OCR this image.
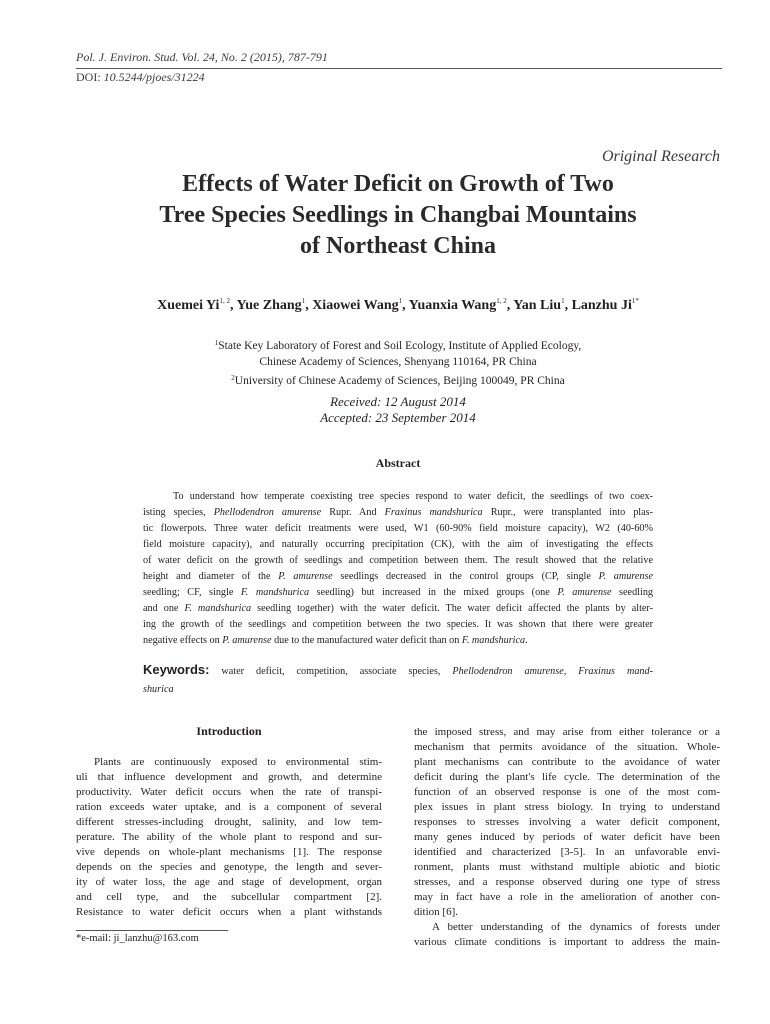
Pol. J. Environ. Stud. Vol. 24, No. 2 (2015), 787-791
DOI: 10.5244/pjoes/31224
Original Research
Effects of Water Deficit on Growth of Two
Tree Species Seedlings in Changbai Mountains
of Northeast China
Xuemei Yi$^{1, 2}$, Yue Zhang$^1$, Xiaowei Wang$^1$, Yuanxia Wang$^{1, 2}$, Yan Liu$^1$, Lanzhu $Ji^{1*}$
$^1$State Key Laboratory of Forest and Soil Ecology, Institute of Applied Ecology,
Chinese Academy of Sciences, Shenyang 110164, PR China
$^2$University of Chinese Academy of Sciences, Beijing 100049, PR China
Received: 12 August 2014
Accepted: 23 September 2014
Abstract
To understand how temperate coexisting tree species respond to water deficit, the seedlings of two coex-
isting species, Phellodendron amurense Rupr. And Fraxinus mandshurica Rupr., were transplanted into plas-
tic flowerpots. Three water deficit treatments were used, W1 (60-90% field moisture capacity), W2 (40-60%
field moisture capacity), and naturally occurring precipitation (CK), with the aim of investigating the effects
of water deficit on the growth of seedlings and competition between them. The result showed that the relative
height and diameter of the P. amurense seedlings decreased in the control groups (CP, single P. amurense
seedling; CF, single F. mandshurica seedling) but increased in the mixed groups (one P. amurense seedling
and one F. mandshurica seedling together) with the water deficit. The water deficit affected the plants by alter-
ing the growth of the seedlings and competition between the two species. It was shown that there were greater
negative effects on P. amurense due to the manufactured water deficit than on F. mandshurica.
Keywords: water deficit, competition, associate species, Phellodendron amurense, Fraxinus mand-
shurica
Introduction
Plants are continuously exposed to environmental stim-
uli that influence development and growth, and determine
productivity. Water deficit occurs when the rate of transpi-
ration exceeds water uptake, and is a component of several
different stresses-including drought, salinity, and low tem-
perature. The ability of the whole plant to respond and sur-
vive depends on whole-plant mechanisms [1]. The response
depends on the species and genotype, the length and sever-
ity of water loss, the age and stage of development, organ
and cell type, and the subcellular compartment [2].
Resistance to water deficit occurs when a plant withstands
the imposed stress, and may arise from either tolerance or a
mechanism that permits avoidance of the situation. Whole-
plant mechanisms can contribute to the avoidance of water
deficit during the plant's life cycle. The determination of the
function of an observed response is one of the most com-
plex issues in plant stress biology. In trying to understand
responses to stresses involving a water deficit component,
many genes induced by periods of water deficit have been
identified and characterized [3-5]. In an unfavorable envi-
ronment, plants must withstand multiple abiotic and biotic
stresses, and a response observed during one type of stress
may in fact have a role in the amelioration of another con-
dition [6].
A better understanding of the dynamics of forests under
various climate conditions is important to address the main-
*e-mail: ji_lanzhu@163.com
